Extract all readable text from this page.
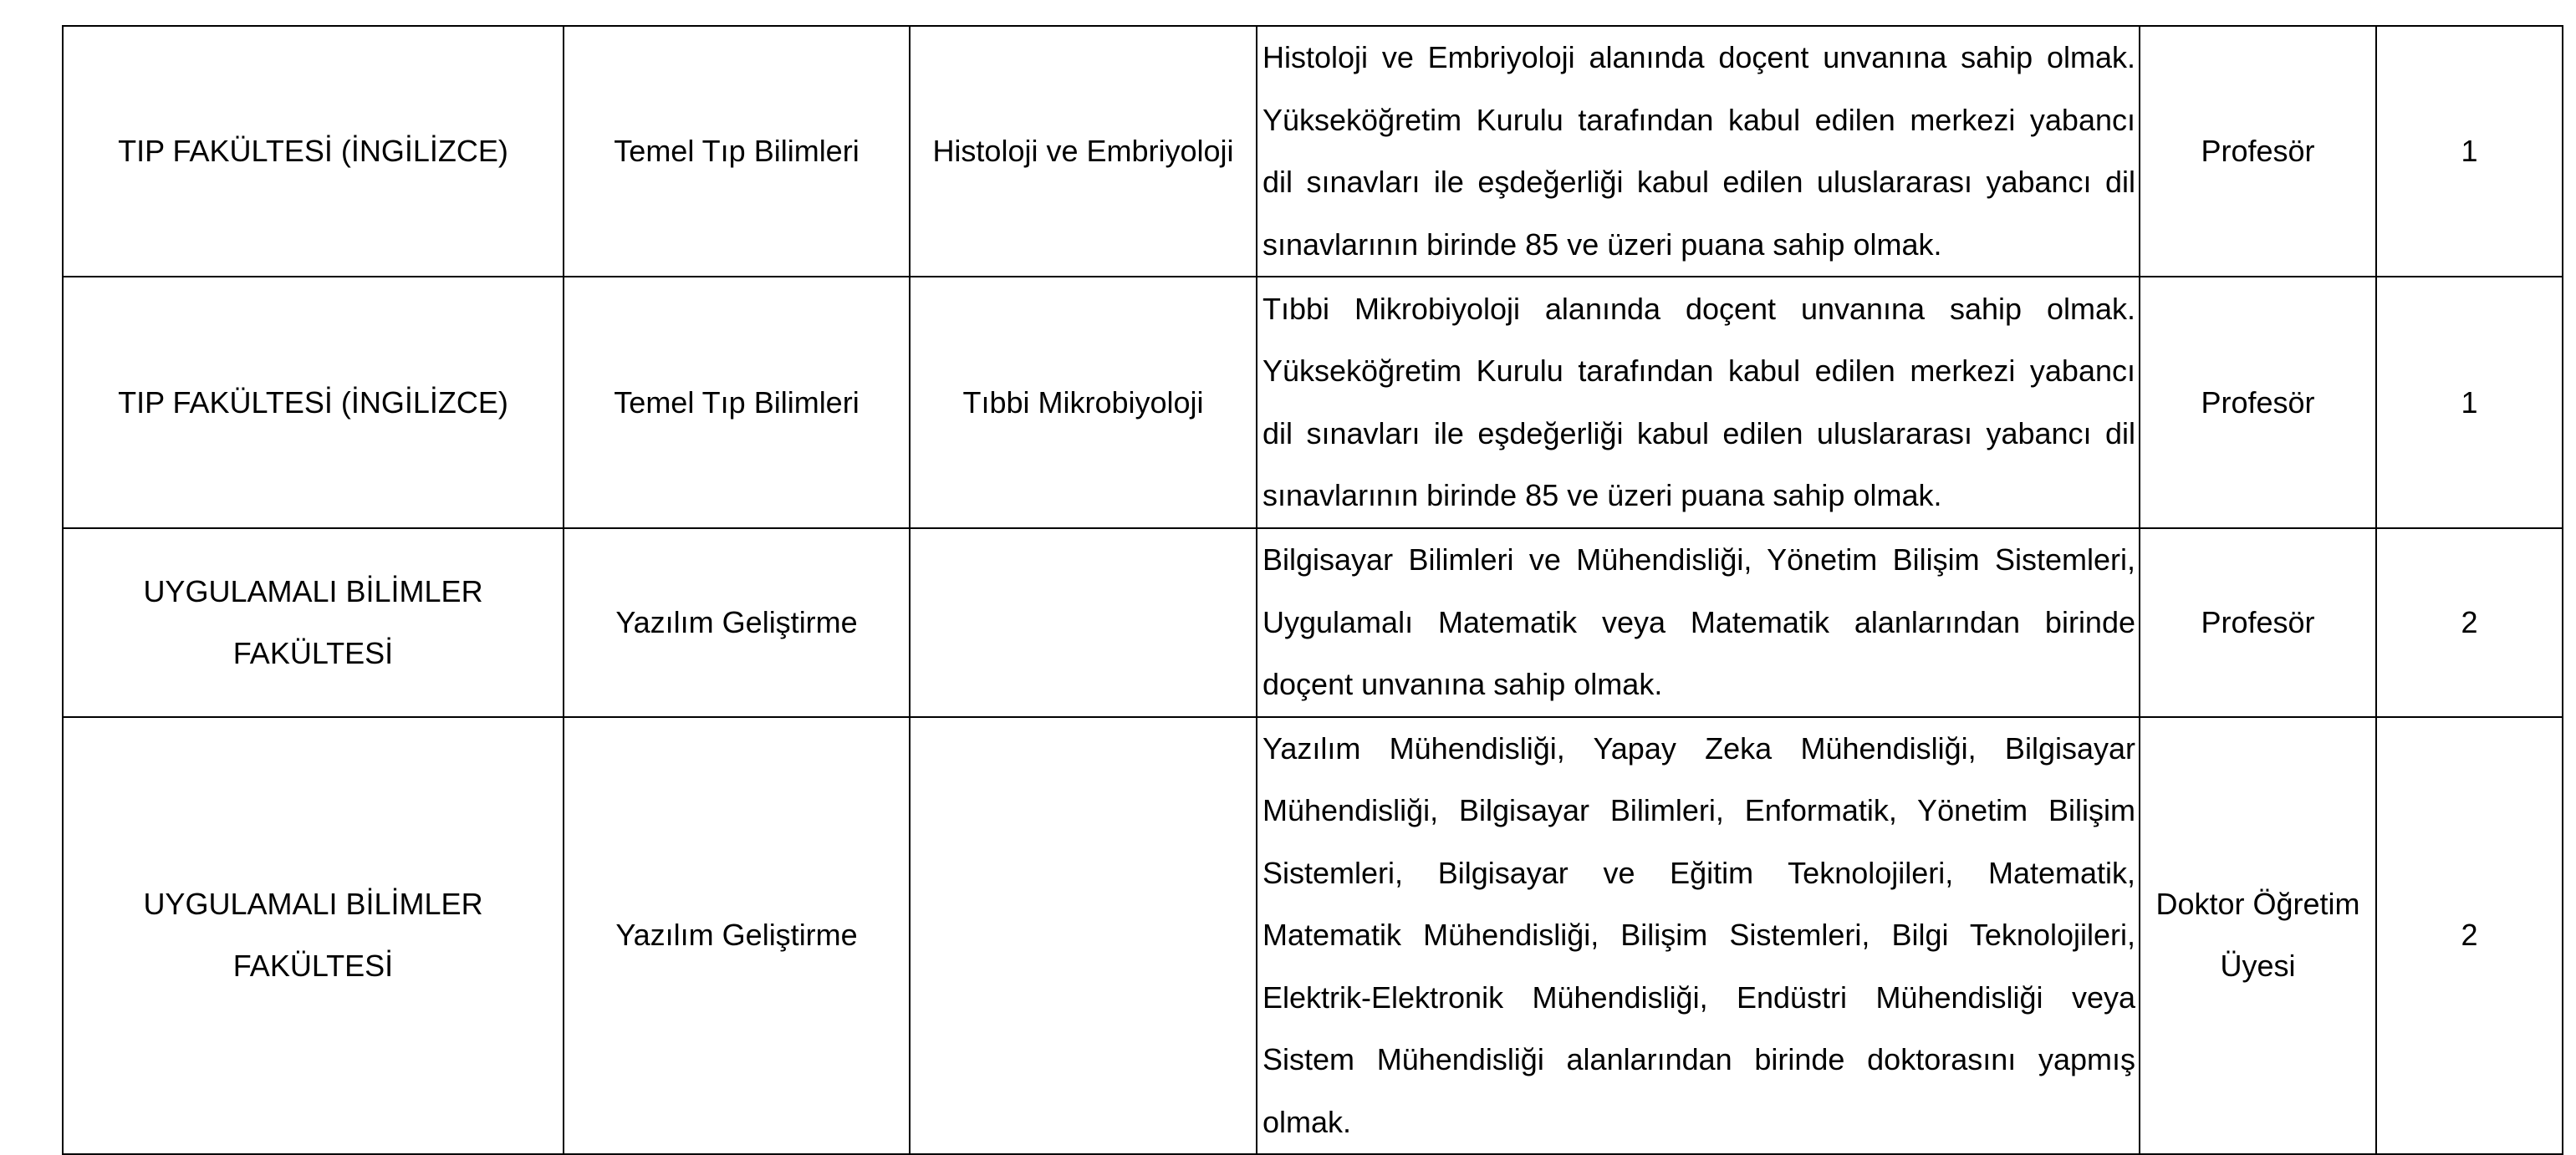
TIP FAKÜLTESİ (İNGİLİZCE)	Temel Tıp Bilimleri	Histoloji ve Embriyoloji	Histoloji ve Embriyoloji alanında doçent unvanına sahip olmak. Yükseköğretim Kurulu tarafından kabul edilen merkezi yabancı dil sınavları ile eşdeğerliği kabul edilen uluslararası yabancı dil sınavlarının birinde 85 ve üzeri puana sahip olmak.	Profesör	1
TIP FAKÜLTESİ (İNGİLİZCE)	Temel Tıp Bilimleri	Tıbbi Mikrobiyoloji	Tıbbi Mikrobiyoloji alanında doçent unvanına sahip olmak. Yükseköğretim Kurulu tarafından kabul edilen merkezi yabancı dil sınavları ile eşdeğerliği kabul edilen uluslararası yabancı dil sınavlarının birinde 85 ve üzeri puana sahip olmak.	Profesör	1
UYGULAMALI BİLİMLER FAKÜLTESİ	Yazılım Geliştirme		Bilgisayar Bilimleri ve Mühendisliği, Yönetim Bilişim Sistemleri, Uygulamalı Matematik veya Matematik alanlarından birinde doçent unvanına sahip olmak.	Profesör	2
UYGULAMALI BİLİMLER FAKÜLTESİ	Yazılım Geliştirme		Yazılım Mühendisliği, Yapay Zeka Mühendisliği, Bilgisayar Mühendisliği, Bilgisayar Bilimleri, Enformatik, Yönetim Bilişim Sistemleri, Bilgisayar ve Eğitim Teknolojileri, Matematik, Matematik Mühendisliği, Bilişim Sistemleri, Bilgi Teknolojileri, Elektrik-Elektronik Mühendisliği, Endüstri Mühendisliği veya Sistem Mühendisliği alanlarından birinde doktorasını yapmış olmak.	Doktor Öğretim Üyesi	2
